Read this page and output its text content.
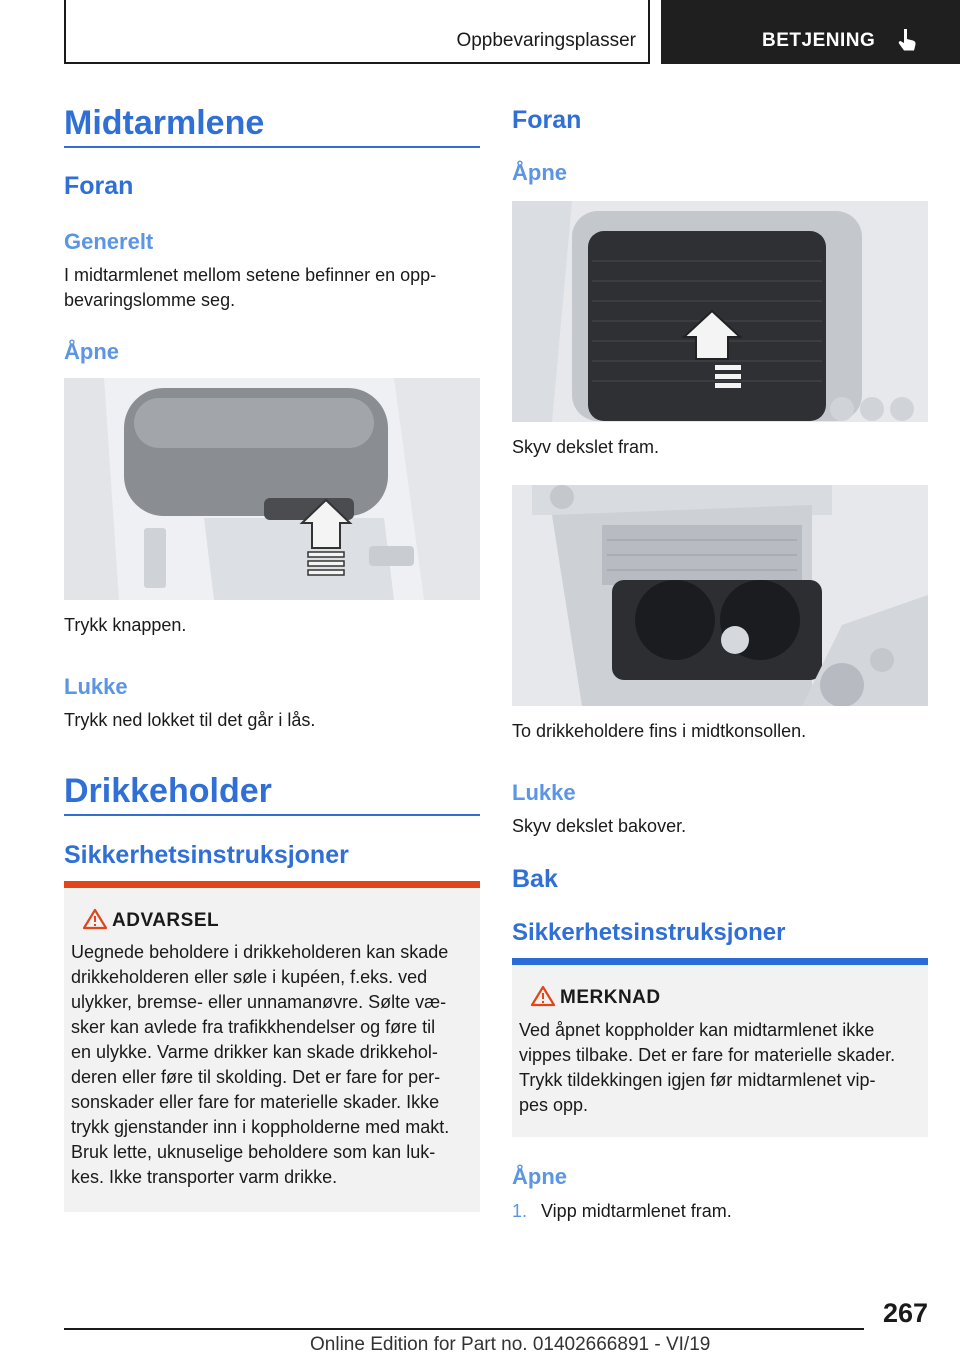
Oppbevaringsplasser	BETJENING
Midtarmlene
Foran
Generelt
I midtarmlenet mellom setene befinner en opp-
bevaringslomme seg.
Åpne
Trykk knappen.
Lukke
Trykk ned lokket til det går i lås.
Drikkeholder
Sikkerhetsinstruksjoner
ADVARSEL
Uegnede beholdere i drikkeholderen kan skade
drikkeholderen eller søle i kupéen, f.eks. ved
ulykker, bremse- eller unnamanøvre. Sølte væ-
sker kan avlede fra trafikkhendelser og føre til
en ulykke. Varme drikker kan skade drikkehol-
deren eller føre til skolding. Det er fare for per-
sonskader eller fare for materielle skader. Ikke
trykk gjenstander inn i koppholderne med makt.
Bruk lette, uknuselige beholdere som kan luk-
kes. Ikke transporter varm drikke.
Foran
Åpne
Skyv dekslet fram.
To drikkeholdere fins i midtkonsollen.
Lukke
Skyv dekslet bakover.
Bak
Sikkerhetsinstruksjoner
MERKNAD
Ved åpnet koppholder kan midtarmlenet ikke
vippes tilbake. Det er fare for materielle skader.
Trykk tildekkingen igjen før midtarmlenet vip-
pes opp.
Åpne
1. Vipp midtarmlenet fram.
267
Online Edition for Part no. 01402666891 - VI/19
